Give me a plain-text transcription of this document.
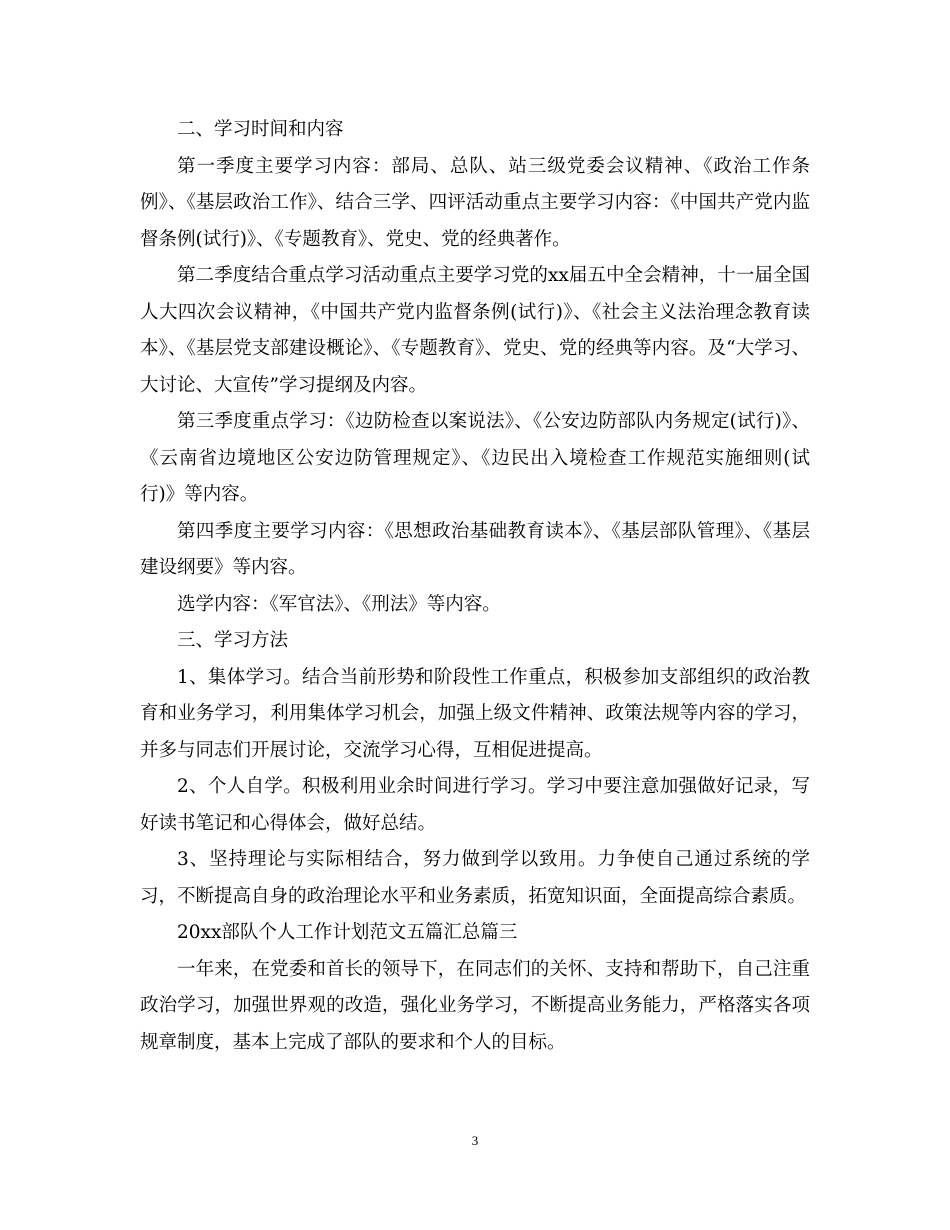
二、学习时间和内容

第一季度主要学习内容：部局、总队、站三级党委会议精神、《政治工作条例》、《基层政治工作》、结合三学、四评活动重点主要学习内容：《中国共产党内监督条例(试行)》、《专题教育》、党史、党的经典著作。

第二季度结合重点学习活动重点主要学习党的xx届五中全会精神，十一届全国人大四次会议精神，《中国共产党内监督条例(试行)》、《社会主义法治理念教育读本》、《基层党支部建设概论》、《专题教育》、党史、党的经典等内容。及“大学习、大讨论、大宣传”学习提纲及内容。

第三季度重点学习：《边防检查以案说法》、《公安边防部队内务规定(试行)》、《云南省边境地区公安边防管理规定》、《边民出入境检查工作规范实施细则(试行)》等内容。

第四季度主要学习内容：《思想政治基础教育读本》、《基层部队管理》、《基层建设纲要》等内容。

选学内容：《军官法》、《刑法》等内容。

三、学习方法

1、集体学习。结合当前形势和阶段性工作重点，积极参加支部组织的政治教育和业务学习，利用集体学习机会，加强上级文件精神、政策法规等内容的学习，并多与同志们开展讨论，交流学习心得，互相促进提高。

2、个人自学。积极利用业余时间进行学习。学习中要注意加强做好记录，写好读书笔记和心得体会，做好总结。

3、坚持理论与实际相结合，努力做到学以致用。力争使自己通过系统的学习，不断提高自身的政治理论水平和业务素质，拓宽知识面，全面提高综合素质。

20xx部队个人工作计划范文五篇汇总篇三

一年来，在党委和首长的领导下，在同志们的关怀、支持和帮助下，自己注重政治学习，加强世界观的改造，强化业务学习，不断提高业务能力，严格落实各项规章制度，基本上完成了部队的要求和个人的目标。

3
